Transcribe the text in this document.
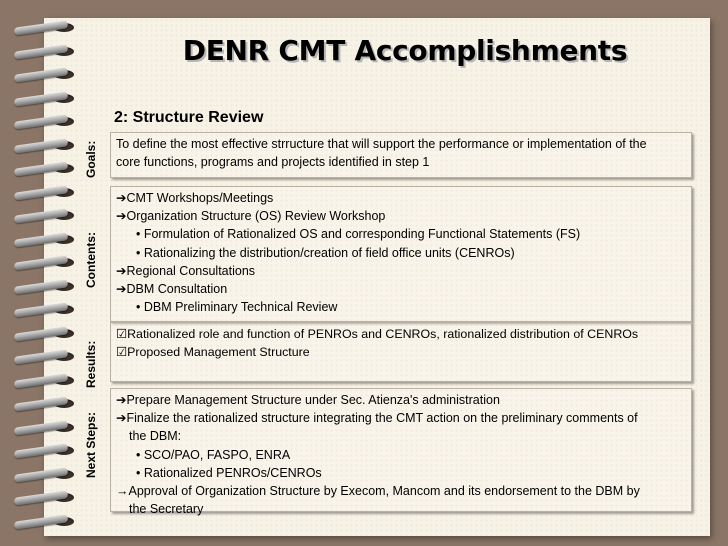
DENR CMT Accomplishments
2: Structure Review
Goals:
Contents:
Results:
Next Steps:

To define the most effective strructure that will support the performance or implementation of the

core functions, programs and projects identified in step 1

➔CMT Workshops/Meetings

➔Organization Structure (OS) Review Workshop

• Formulation of Rationalized OS and corresponding Functional Statements (FS)

• Rationalizing the distribution/creation of field office units (CENROs)

➔Regional Consultations

➔DBM Consultation

• DBM Preliminary Technical Review

☑Rationalized role and function of PENROs and CENROs, rationalized distribution of CENROs

☑Proposed Management Structure

➔Prepare Management Structure under Sec. Atienza's administration

➔Finalize the rationalized structure integrating the CMT action on the preliminary comments of

the DBM:

• SCO/PAO, FASPO, ENRA

• Rationalized PENROs/CENROs

→Approval of Organization Structure by Execom, Mancom and its endorsement to the DBM by

the Secretary
